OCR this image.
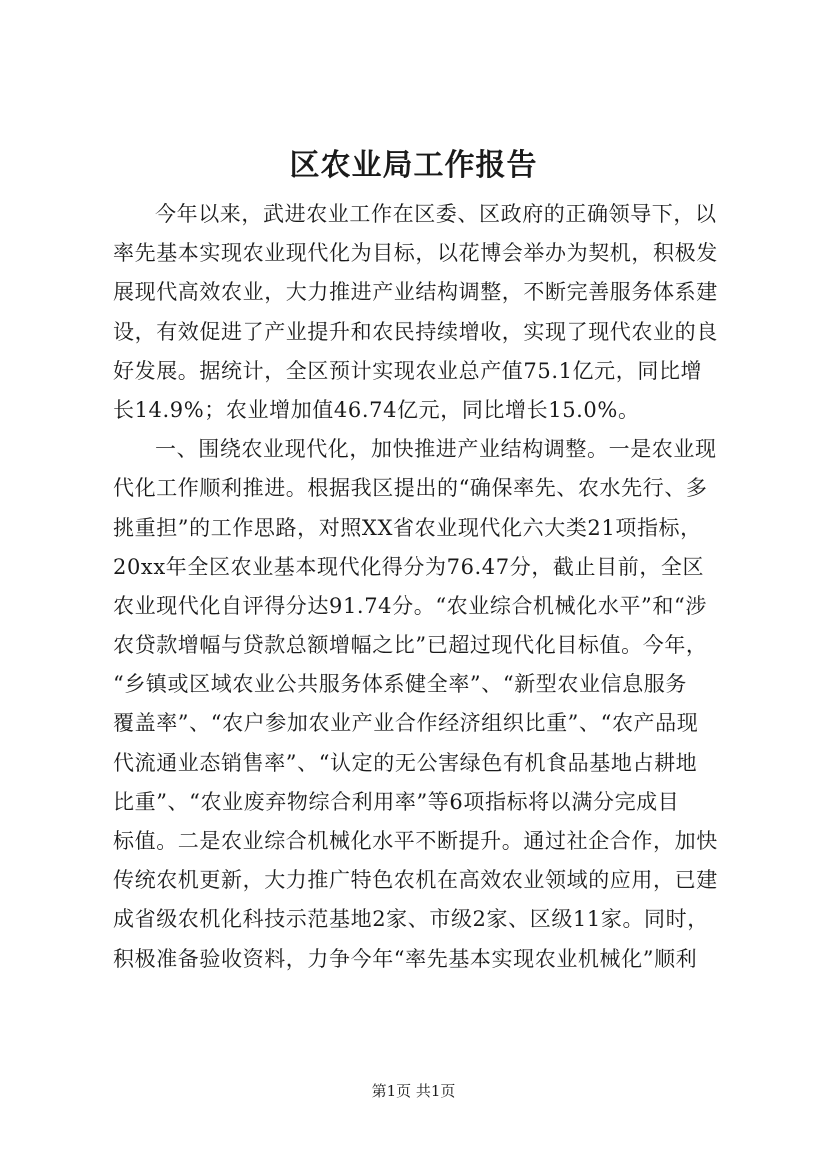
区农业局工作报告
今年以来，武进农业工作在区委、区政府的正确领导下，以
率先基本实现农业现代化为目标，以花博会举办为契机，积极发
展现代高效农业，大力推进产业结构调整，不断完善服务体系建
设，有效促进了产业提升和农民持续增收，实现了现代农业的良
好发展。据统计，全区预计实现农业总产值75.1亿元，同比增
长14.9%；农业增加值46.74亿元，同比增长15.0%。
一、围绕农业现代化，加快推进产业结构调整。一是农业现
代化工作顺利推进。根据我区提出的“确保率先、农水先行、多
挑重担”的工作思路，对照XX省农业现代化六大类21项指标，
20xx年全区农业基本现代化得分为76.47分，截止目前，全区
农业现代化自评得分达91.74分。“农业综合机械化水平”和“涉
农贷款增幅与贷款总额增幅之比”已超过现代化目标值。今年，
“乡镇或区域农业公共服务体系健全率”、“新型农业信息服务
覆盖率”、“农户参加农业产业合作经济组织比重”、“农产品现
代流通业态销售率”、“认定的无公害绿色有机食品基地占耕地
比重”、“农业废弃物综合利用率”等6项指标将以满分完成目
标值。二是农业综合机械化水平不断提升。通过社企合作，加快
传统农机更新，大力推广特色农机在高效农业领域的应用，已建
成省级农机化科技示范基地2家、市级2家、区级11家。同时，
积极准备验收资料，力争今年“率先基本实现农业机械化”顺利
第1页 共1页
